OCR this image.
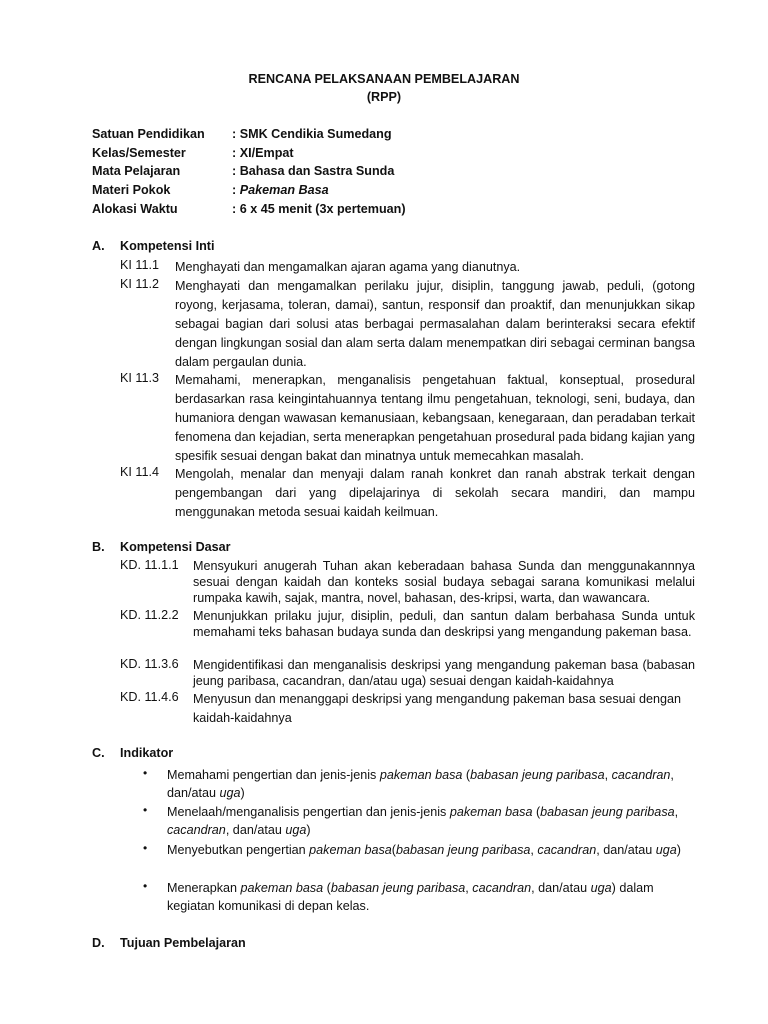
RENCANA PELAKSANAAN PEMBELAJARAN
(RPP)
Satuan Pendidikan : SMK Cendikia Sumedang
Kelas/Semester	: XI/Empat
Mata Pelajaran	: Bahasa dan Sastra Sunda
Materi Pokok	: Pakeman Basa
Alokasi Waktu	: 6 x 45 menit (3x pertemuan)
A. Kompetensi Inti
KI 11.1 Menghayati dan mengamalkan ajaran agama yang dianutnya.
KI 11.2 Menghayati dan mengamalkan perilaku jujur, disiplin, tanggung jawab, peduli, (gotong royong, kerjasama, toleran, damai), santun, responsif dan proaktif, dan menunjukkan sikap sebagai bagian dari solusi atas berbagai permasalahan dalam berinteraksi secara efektif dengan lingkungan sosial dan alam serta dalam menempatkan diri sebagai cerminan bangsa dalam pergaulan dunia.
KI 11.3 Memahami, menerapkan, menganalisis pengetahuan faktual, konseptual, prosedural berdasarkan rasa keingintahuannya tentang ilmu pengetahuan, teknologi, seni, budaya, dan humaniora dengan wawasan kemanusiaan, kebangsaan, kenegaraan, dan peradaban terkait fenomena dan kejadian, serta menerapkan pengetahuan prosedural pada bidang kajian yang spesifik sesuai dengan bakat dan minatnya untuk memecahkan masalah.
KI 11.4 Mengolah, menalar dan menyaji dalam ranah konkret dan ranah abstrak terkait dengan pengembangan dari yang dipelajarinya di sekolah secara mandiri, dan mampu menggunakan metoda sesuai kaidah keilmuan.
B. Kompetensi Dasar
KD. 11.1.1 Mensyukuri anugerah Tuhan akan keberadaan bahasa Sunda dan menggunakannnya sesuai dengan kaidah dan konteks sosial budaya sebagai sarana komunikasi melalui rumpaka kawih, sajak, mantra, novel, bahasan, des-kripsi, warta, dan wawancara.
KD. 11.2.2 Menunjukkan prilaku jujur, disiplin, peduli, dan santun dalam berbahasa Sunda untuk memahami teks bahasan budaya sunda dan deskripsi yang mengandung pakeman basa.
KD. 11.3.6 Mengidentifikasi dan menganalisis deskripsi yang mengandung pakeman basa (babasan jeung paribasa, cacandran, dan/atau uga) sesuai dengan kaidah-kaidahnya
KD. 11.4.6 Menyusun dan menanggapi deskripsi yang mengandung pakeman basa sesuai dengan kaidah-kaidahnya
C. Indikator
• Memahami pengertian dan jenis-jenis pakeman basa (babasan jeung paribasa, cacandran, dan/atau uga)
• Menelaah/menganalisis pengertian dan jenis-jenis pakeman basa (babasan jeung paribasa, cacandran, dan/atau uga)
• Menyebutkan pengertian pakeman basa(babasan jeung paribasa, cacandran, dan/atau uga)
• Menerapkan pakeman basa (babasan jeung paribasa, cacandran, dan/atau uga) dalam kegiatan komunikasi di depan kelas.
D. Tujuan Pembelajaran
